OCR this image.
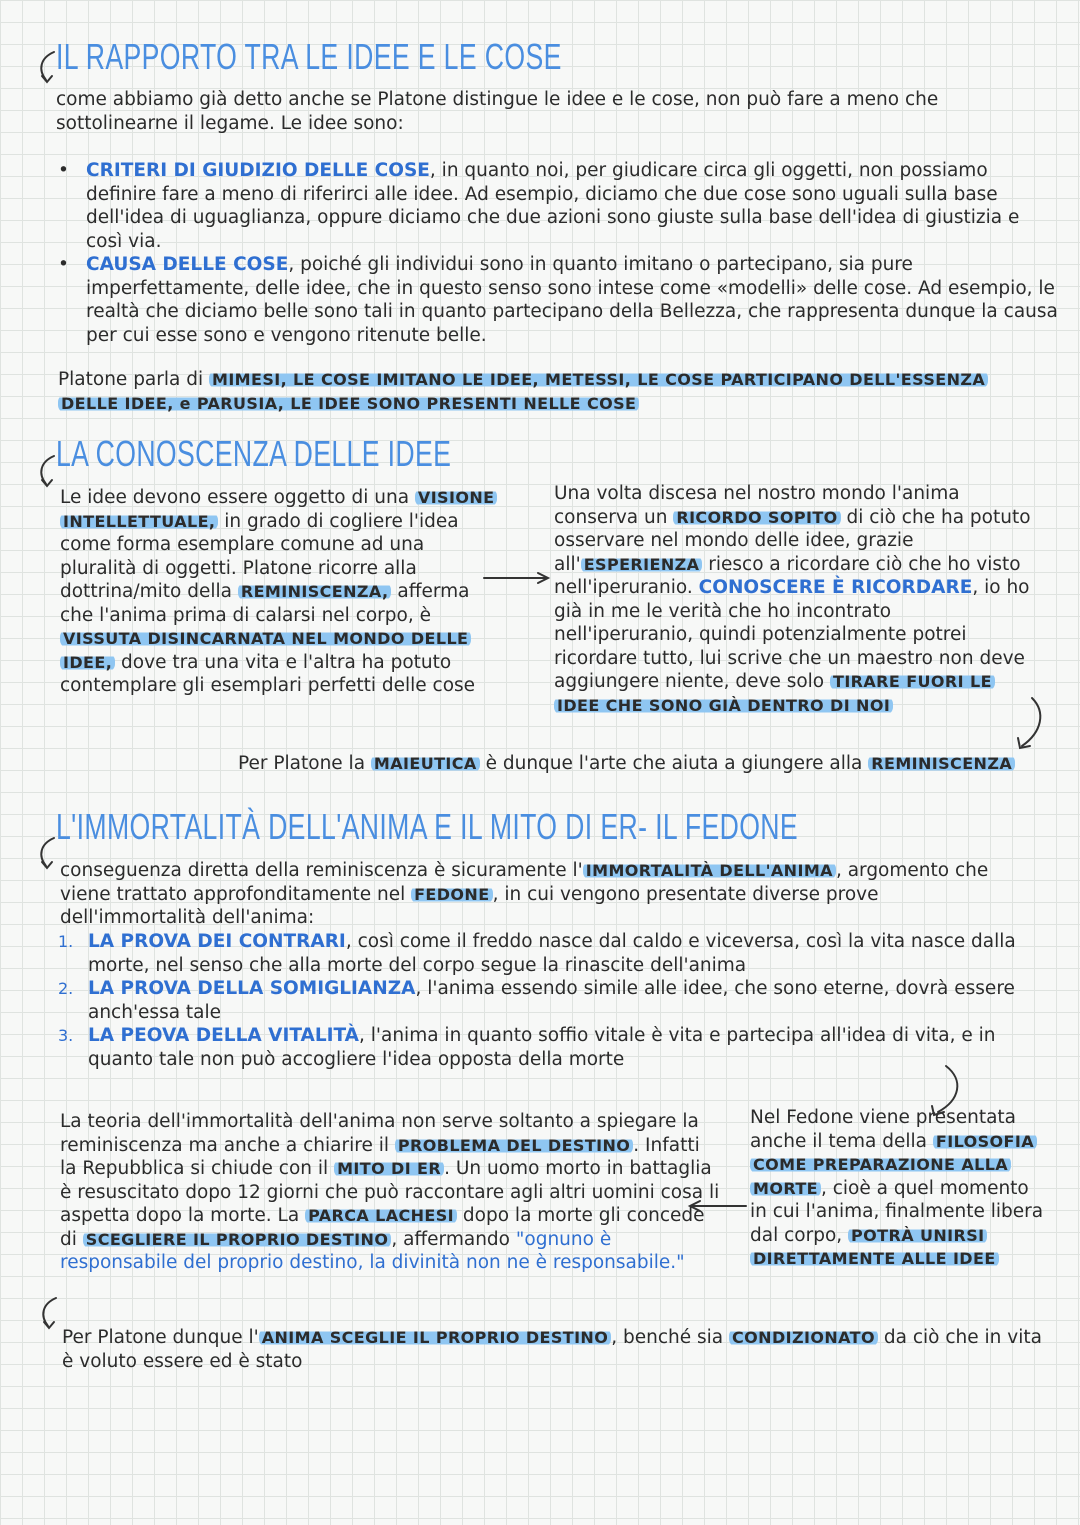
IL RAPPORTO TRA LE IDEE E LE COSE

come abbiamo già detto anche se Platone distingue le idee e le cose, non può fare a meno che sottolinearne il legame. Le idee sono:

• CRITERI DI GIUDIZIO DELLE COSE, in quanto noi, per giudicare circa gli oggetti, non possiamo definire fare a meno di riferirci alle idee. Ad esempio, diciamo che due cose sono uguali sulla base dell'idea di uguaglianza, oppure diciamo che due azioni sono giuste sulla base dell'idea di giustizia e così via.
• CAUSA DELLE COSE, poiché gli individui sono in quanto imitano o partecipano, sia pure imperfettamente, delle idee, che in questo senso sono intese come «modelli» delle cose. Ad esempio, le realtà che diciamo belle sono tali in quanto partecipano della Bellezza, che rappresenta dunque la causa per cui esse sono e vengono ritenute belle.

Platone parla di MIMESI, LE COSE IMITANO LE IDEE, METESSI, LE COSE PARTICIPANO DELL'ESSENZA DELLE IDEE, e PARUSIA, LE IDEE SONO PRESENTI NELLE COSE

LA CONOSCENZA DELLE IDEE

Le idee devono essere oggetto di una VISIONE INTELLETTUALE, in grado di cogliere l'idea come forma esemplare comune ad una pluralità di oggetti. Platone ricorre alla dottrina/mito della REMINISCENZA, afferma che l'anima prima di calarsi nel corpo, è VISSUTA DISINCARNATA NEL MONDO DELLE IDEE, dove tra una vita e l'altra ha potuto contemplare gli esemplari perfetti delle cose

Una volta discesa nel nostro mondo l'anima conserva un RICORDO SOPITO di ciò che ha potuto osservare nel mondo delle idee, grazie all' ESPERIENZA riesco a ricordare ciò che ho visto nell'iperuranio. CONOSCERE È RICORDARE, io ho già in me le verità che ho incontrato nell'iperuranio, quindi potenzialmente potrei ricordare tutto, lui scrive che un maestro non deve aggiungere niente, deve solo TIRARE FUORI LE IDEE CHE SONO GIÀ DENTRO DI NOI

Per Platone la MAIEUTICA è dunque l'arte che aiuta a giungere alla REMINISCENZA

L'IMMORTALITÀ DELL'ANIMA E IL MITO DI ER- IL FEDONE

conseguenza diretta della reminiscenza è sicuramente l' IMMORTALITÀ DELL'ANIMA , argomento che viene trattato approfonditamente nel FEDONE , in cui vengono presentate diverse prove dell'immortalità dell'anima:

1. LA PROVA DEI CONTRARI, così come il freddo nasce dal caldo e viceversa, così la vita nasce dalla morte, nel senso che alla morte del corpo segue la rinascite dell'anima
2. LA PROVA DELLA SOMIGLIANZA, l'anima essendo simile alle idee, che sono eterne, dovrà essere anch'essa tale
3. LA PEOVA DELLA VITALITÀ, l'anima in quanto soffio vitale è vita e partecipa all'idea di vita, e in quanto tale non può accogliere l'idea opposta della morte

La teoria dell'immortalità dell'anima non serve soltanto a spiegare la reminiscenza ma anche a chiarire il PROBLEMA DEL DESTINO . Infatti la Repubblica si chiude con il MITO DI ER . Un uomo morto in battaglia è resuscitato dopo 12 giorni che può raccontare agli altri uomini cosa li aspetta dopo la morte. La PARCA LACHESI dopo la morte gli concede di SCEGLIERE IL PROPRIO DESTINO , affermando "ognuno è responsabile del proprio destino, la divinità non ne è responsabile."

Nel Fedone viene presentata anche il tema della FILOSOFIA COME PREPARAZIONE ALLA MORTE , cioè a quel momento in cui l'anima, finalmente libera dal corpo, POTRÀ UNIRSI DIRETTAMENTE ALLE IDEE

Per Platone dunque l' ANIMA SCEGLIE IL PROPRIO DESTINO , benché sia CONDIZIONATO da ciò che in vita è voluto essere ed è stato
